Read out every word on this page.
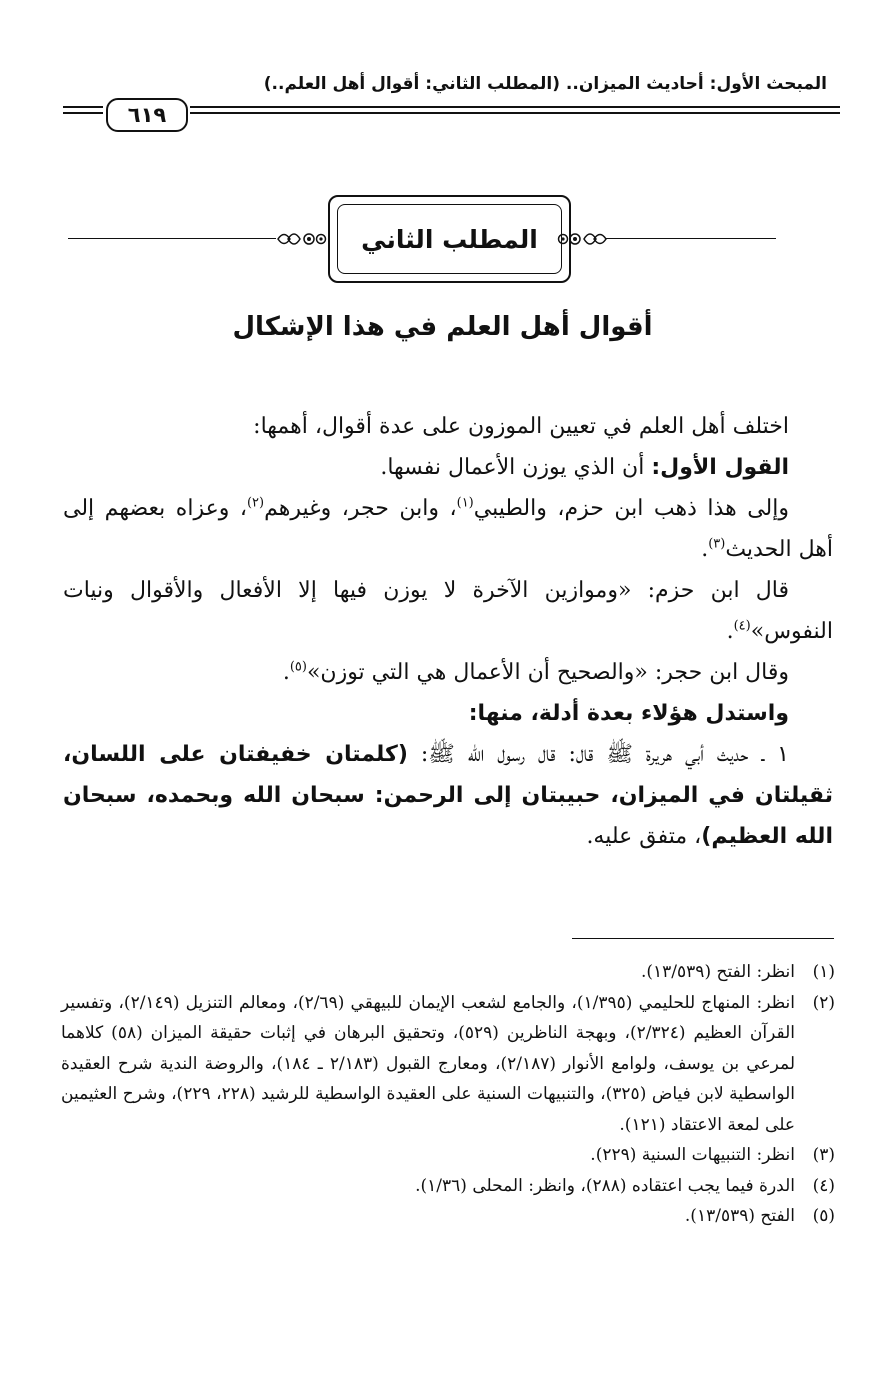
المبحث الأول: أحاديث الميزان.. (المطلب الثاني: أقوال أهل العلم..)
٦١٩
المطلب الثاني
أقوال أهل العلم في هذا الإشكال

اختلف أهل العلم في تعيين الموزون على عدة أقوال، أهمها:

القول الأول: أن الذي يوزن الأعمال نفسها.

وإلى هذا ذهب ابن حزم، والطيبي$^{(١)}$، وابن حجر، وغيرهم$^{(٢)}$، وعزاه بعضهم إلى أهل الحديث$^{(٣)}$.

قال ابن حزم: «وموازين الآخرة لا يوزن فيها إلا الأفعال والأقوال ونيات النفوس»$^{(٤)}$.

وقال ابن حجر: «والصحيح أن الأعمال هي التي توزن»$^{(٥)}$.

واستدل هؤلاء بعدة أدلة، منها:

١ ـ حديث أبي هريرة ﷺ قال: قال رسول الله ﷺ: (كلمتان خفيفتان على اللسان، ثقيلتان في الميزان، حبيبتان إلى الرحمن: سبحان الله وبحمده، سبحان الله العظيم)، متفق عليه.

(١)
انظر: الفتح (١٣/٥٣٩).
(٢)
انظر: المنهاج للحليمي (١/٣٩٥)، والجامع لشعب الإيمان للبيهقي (٢/٦٩)، ومعالم التنزيل (٢/١٤٩)، وتفسير القرآن العظيم (٢/٣٢٤)، وبهجة الناظرين (٥٢٩)، وتحقيق البرهان في إثبات حقيقة الميزان (٥٨) كلاهما لمرعي بن يوسف، ولوامع الأنوار (٢/١٨٧)، ومعارج القبول (٢/١٨٣ ـ ١٨٤)، والروضة الندية شرح العقيدة الواسطية لابن فياض (٣٢٥)، والتنبيهات السنية على العقيدة الواسطية للرشيد (٢٢٨، ٢٢٩)، وشرح العثيمين على لمعة الاعتقاد (١٢١).
(٣)
انظر: التنبيهات السنية (٢٢٩).
(٤)
الدرة فيما يجب اعتقاده (٢٨٨)، وانظر: المحلى (١/٣٦).
(٥)
الفتح (١٣/٥٣٩).
